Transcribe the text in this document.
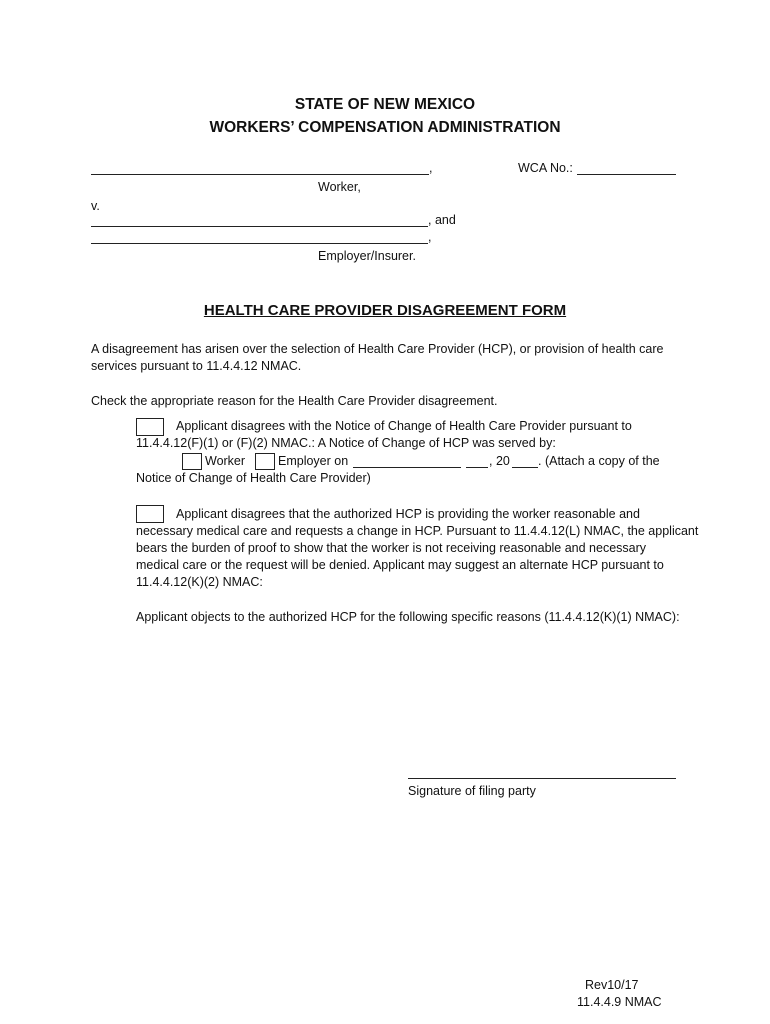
STATE OF NEW MEXICO
WORKERS’ COMPENSATION ADMINISTRATION
,	WCA No.:
Worker,
v.
, and
,
Employer/Insurer.
HEALTH CARE PROVIDER DISAGREEMENT FORM
A disagreement has arisen over the selection of Health Care Provider (HCP), or provision of health care
services pursuant to 11.4.4.12 NMAC.
Check the appropriate reason for the Health Care Provider disagreement.
Applicant disagrees with the Notice of Change of Health Care Provider pursuant to
11.4.4.12(F)(1) or (F)(2) NMAC.: A Notice of Change of HCP was served by:
Worker	Employer on	, 20 . (Attach a copy of the
Notice of Change of Health Care Provider)
Applicant disagrees that the authorized HCP is providing the worker reasonable and
necessary medical care and requests a change in HCP. Pursuant to 11.4.4.12(L) NMAC, the applicant
bears the burden of proof to show that the worker is not receiving reasonable and necessary
medical care or the request will be denied. Applicant may suggest an alternate HCP pursuant to
11.4.4.12(K)(2) NMAC:
Applicant objects to the authorized HCP for the following specific reasons (11.4.4.12(K)(1) NMAC):
Signature of filing party
Rev10/17
11.4.4.9 NMAC
